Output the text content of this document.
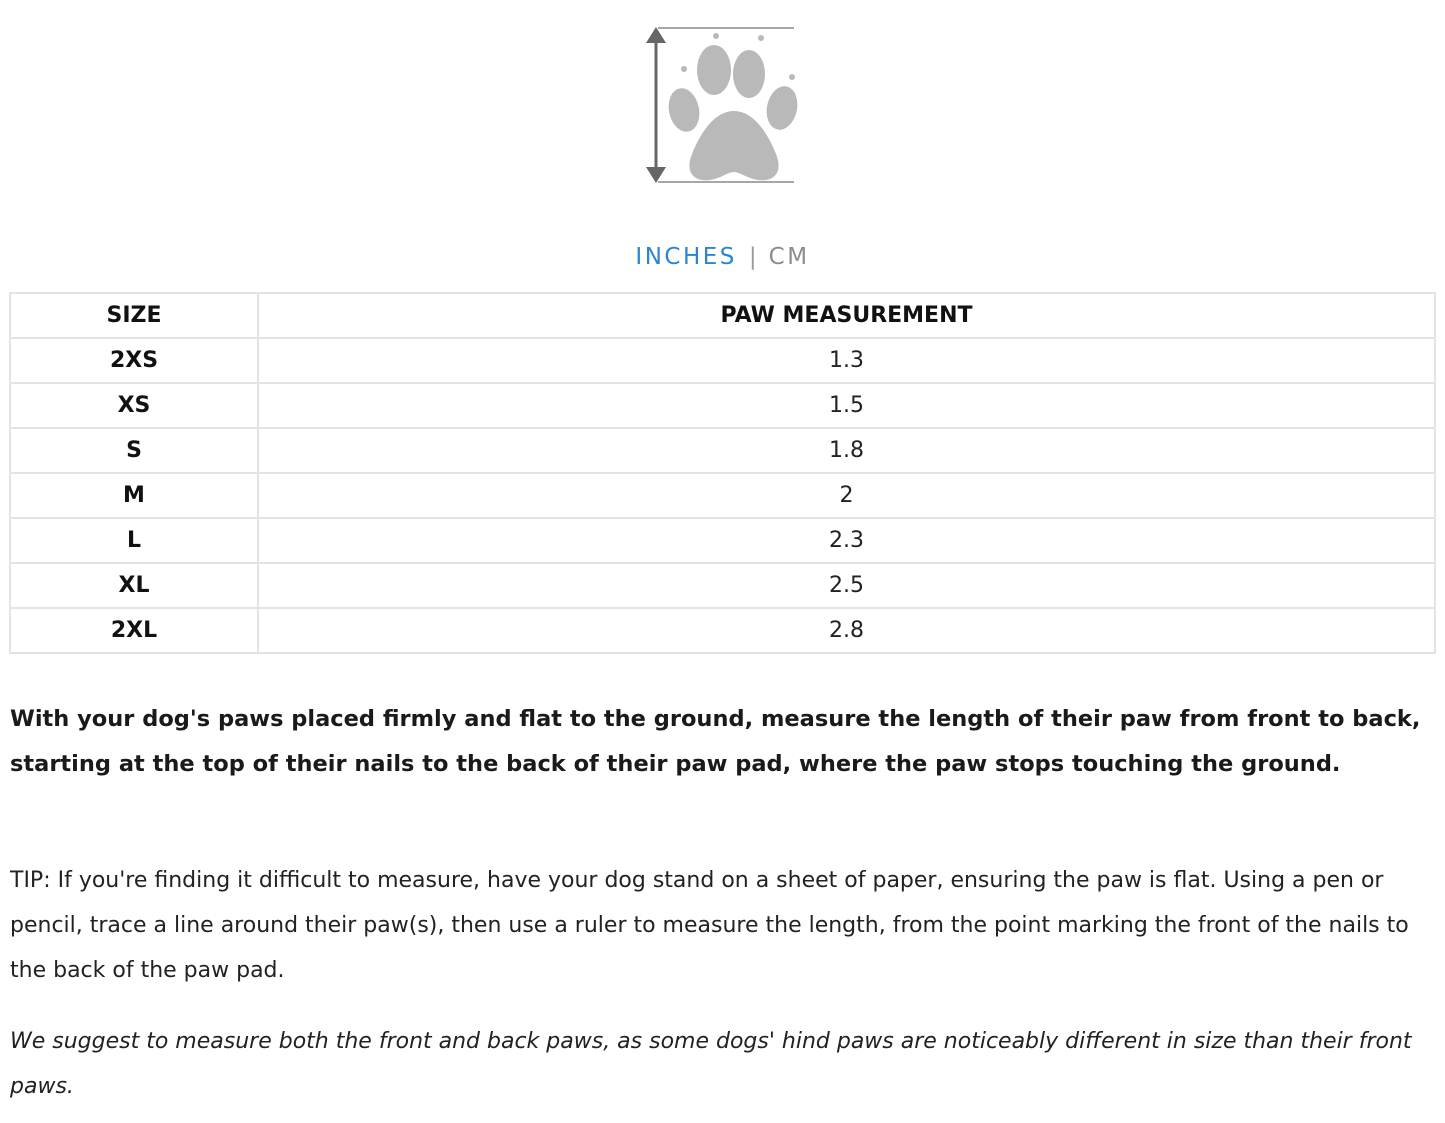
INCHES | CM
SIZE	PAW MEASUREMENT
2XS	1.3
XS	1.5
S	1.8
M	2
L	2.3
XL	2.5
2XL	2.8

With your dog's paws placed firmly and flat to the ground, measure the length of their paw from front to back, starting at the top of their nails to the back of their paw pad, where the paw stops touching the ground.

TIP: If you're finding it difficult to measure, have your dog stand on a sheet of paper, ensuring the paw is flat. Using a pen or pencil, trace a line around their paw(s), then use a ruler to measure the length, from the point marking the front of the nails to the back of the paw pad.

We suggest to measure both the front and back paws, as some dogs' hind paws are noticeably different in size than their front paws.
